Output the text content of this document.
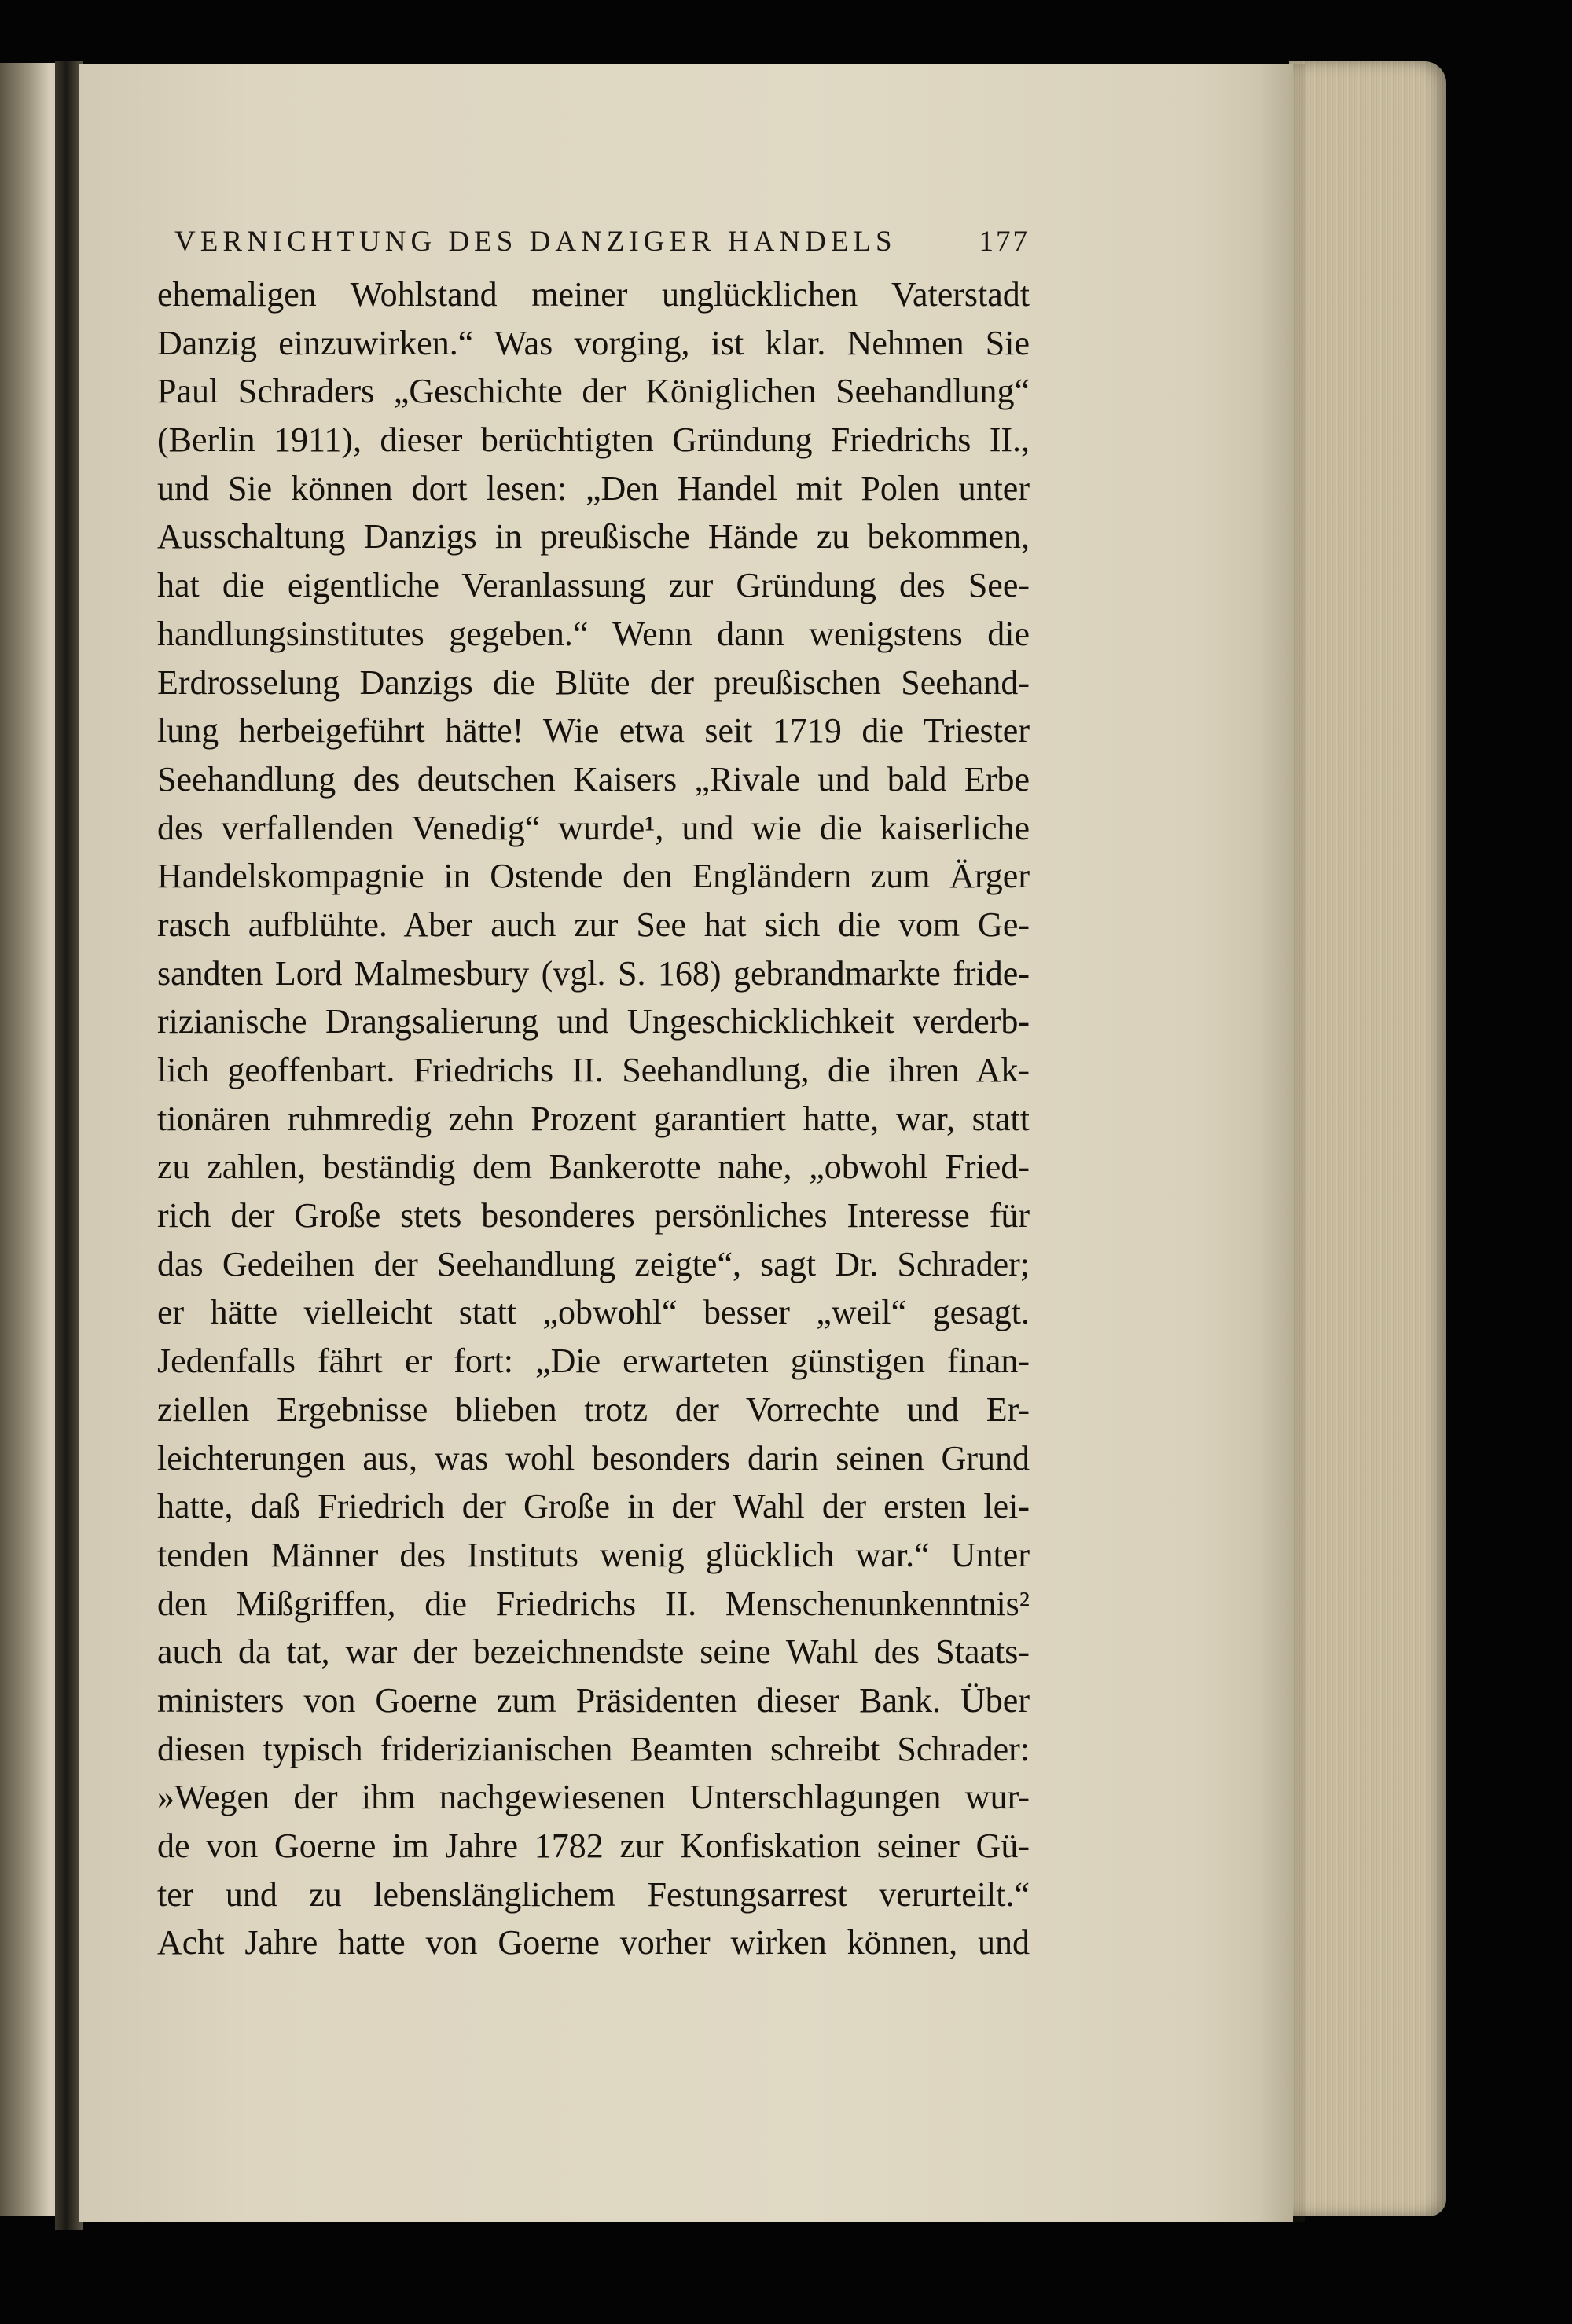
VERNICHTUNG DES DANZIGER HANDELS	177
ehemaligen Wohlstand meiner unglücklichen Vaterstadt
Danzig einzuwirken.“ Was vorging, ist klar. Nehmen Sie
Paul Schraders „Geschichte der Königlichen Seehandlung“
(Berlin 1911), dieser berüchtigten Gründung Friedrichs II.,
und Sie können dort lesen: „Den Handel mit Polen unter
Ausschaltung Danzigs in preußische Hände zu bekommen,
hat die eigentliche Veranlassung zur Gründung des See-
handlungsinstitutes gegeben.“ Wenn dann wenigstens die
Erdrosselung Danzigs die Blüte der preußischen Seehand-
lung herbeigeführt hätte! Wie etwa seit 1719 die Triester
Seehandlung des deutschen Kaisers „Rivale und bald Erbe
des verfallenden Venedig“ wurde¹, und wie die kaiserliche
Handelskompagnie in Ostende den Engländern zum Ärger
rasch aufblühte. Aber auch zur See hat sich die vom Ge-
sandten Lord Malmesbury (vgl. S. 168) gebrandmarkte fride-
rizianische Drangsalierung und Ungeschicklichkeit verderb-
lich geoffenbart. Friedrichs II. Seehandlung, die ihren Ak-
tionären ruhmredig zehn Prozent garantiert hatte, war, statt
zu zahlen, beständig dem Bankerotte nahe, „obwohl Fried-
rich der Große stets besonderes persönliches Interesse für
das Gedeihen der Seehandlung zeigte“, sagt Dr. Schrader;
er hätte vielleicht statt „obwohl“ besser „weil“ gesagt.
Jedenfalls fährt er fort: „Die erwarteten günstigen finan-
ziellen Ergebnisse blieben trotz der Vorrechte und Er-
leichterungen aus, was wohl besonders darin seinen Grund
hatte, daß Friedrich der Große in der Wahl der ersten lei-
tenden Männer des Instituts wenig glücklich war.“ Unter
den Mißgriffen, die Friedrichs II. Menschenunkenntnis²
auch da tat, war der bezeichnendste seine Wahl des Staats-
ministers von Goerne zum Präsidenten dieser Bank. Über
diesen typisch friderizianischen Beamten schreibt Schrader:
»Wegen der ihm nachgewiesenen Unterschlagungen wur-
de von Goerne im Jahre 1782 zur Konfiskation seiner Gü-
ter und zu lebenslänglichem Festungsarrest verurteilt.“
Acht Jahre hatte von Goerne vorher wirken können, und
